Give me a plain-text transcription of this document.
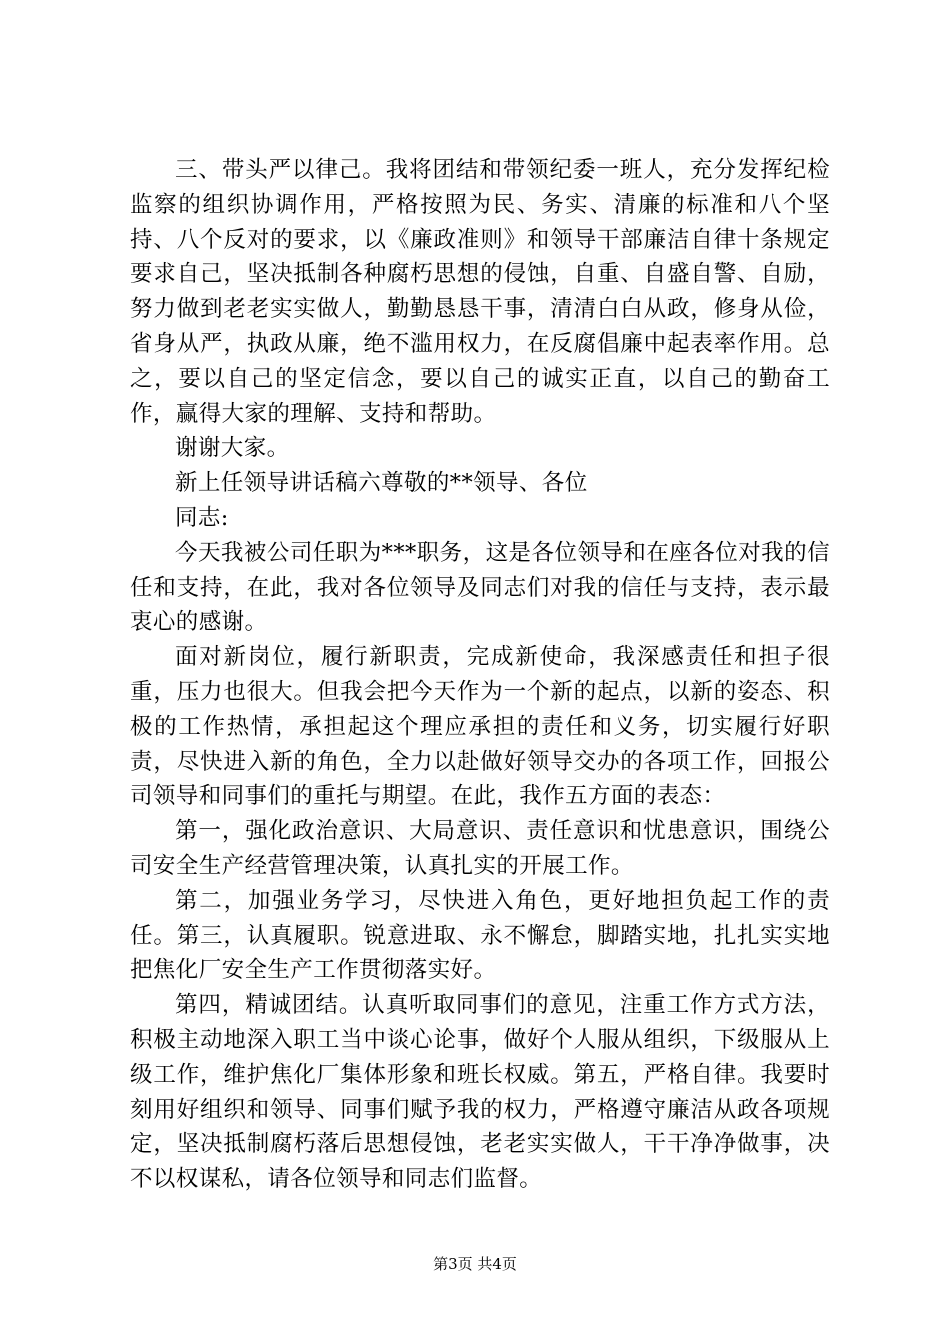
三、带头严以律己。我将团结和带领纪委一班人，充分发挥纪检监察的组织协调作用，严格按照为民、务实、清廉的标准和八个坚持、八个反对的要求，以《廉政准则》和领导干部廉洁自律十条规定要求自己，坚决抵制各种腐朽思想的侵蚀，自重、自盛自警、自励，努力做到老老实实做人，勤勤恳恳干事，清清白白从政，修身从俭，省身从严，执政从廉，绝不滥用权力，在反腐倡廉中起表率作用。总之，要以自己的坚定信念，要以自己的诚实正直，以自己的勤奋工作，赢得大家的理解、支持和帮助。

谢谢大家。

新上任领导讲话稿六尊敬的**领导、各位

同志:

今天我被公司任职为***职务，这是各位领导和在座各位对我的信任和支持，在此，我对各位领导及同志们对我的信任与支持，表示最衷心的感谢。

面对新岗位，履行新职责，完成新使命，我深感责任和担子很重，压力也很大。但我会把今天作为一个新的起点，以新的姿态、积极的工作热情，承担起这个理应承担的责任和义务，切实履行好职责，尽快进入新的角色，全力以赴做好领导交办的各项工作，回报公司领导和同事们的重托与期望。在此，我作五方面的表态：

第一，强化政治意识、大局意识、责任意识和忧患意识，围绕公司安全生产经营管理决策，认真扎实的开展工作。

第二，加强业务学习，尽快进入角色，更好地担负起工作的责任。第三，认真履职。锐意进取、永不懈怠，脚踏实地，扎扎实实地把焦化厂安全生产工作贯彻落实好。

第四，精诚团结。认真听取同事们的意见，注重工作方式方法，积极主动地深入职工当中谈心论事，做好个人服从组织，下级服从上级工作，维护焦化厂集体形象和班长权威。第五，严格自律。我要时刻用好组织和领导、同事们赋予我的权力，严格遵守廉洁从政各项规定，坚决抵制腐朽落后思想侵蚀，老老实实做人，干干净净做事，决不以权谋私，请各位领导和同志们监督。

第3页 共4页
